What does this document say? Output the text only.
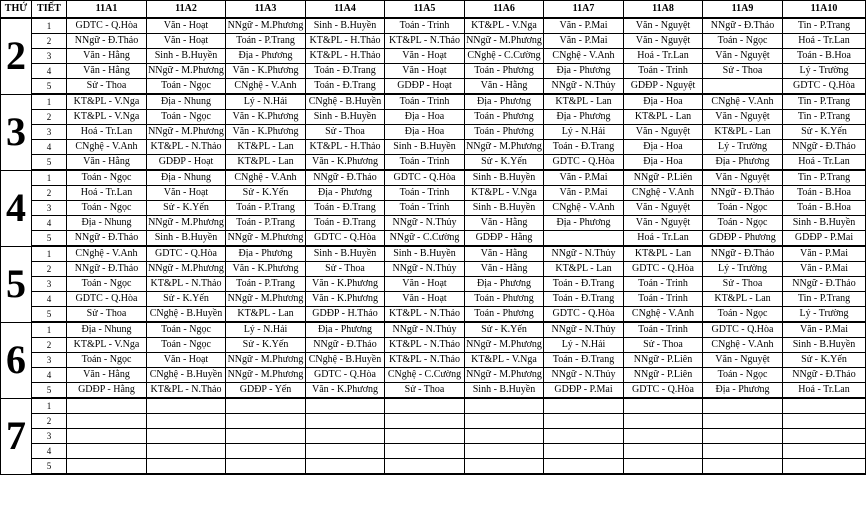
THỨ	TIẾT	11A1	11A2	11A3	11A4	11A5	11A6	11A7	11A8	11A9	11A10
2	1	GDTC - Q.Hòa	Văn - Hoạt	NNgữ - M.Phương	Sinh - B.Huyền	Toán - Trinh	KT&PL - V.Nga	Văn - P.Mai	Văn - Nguyệt	NNgữ - Đ.Thảo	Tin - P.Trang
	2	NNgữ - Đ.Thảo	Văn - Hoạt	Toán - P.Trang	KT&PL - H.Thảo	KT&PL - N.Thảo	NNgữ - M.Phương	Văn - P.Mai	Văn - Nguyệt	Toán - Ngọc	Hoá - Tr.Lan
	3	Văn - Hằng	Sinh - B.Huyền	Địa - Phương	KT&PL - H.Thảo	Văn - Hoạt	CNghệ - C.Cường	CNghệ - V.Anh	Hoá - Tr.Lan	Văn - Nguyệt	Toán - B.Hoa
	4	Văn - Hằng	NNgữ - M.Phương	Văn - K.Phương	Toán - Đ.Trang	Văn - Hoạt	Toán - Phương	Địa - Phương	Toán - Trinh	Sử - Thoa	Lý - Trường
	5	Sử - Thoa	Toán - Ngọc	CNghệ - V.Anh	Toán - Đ.Trang	GDĐP - Hoạt	Văn - Hằng	NNgữ - N.Thủy	GDĐP - Nguyệt		GDTC - Q.Hòa
3	1	KT&PL - V.Nga	Địa - Nhung	Lý - N.Hải	CNghệ - B.Huyền	Toán - Trinh	Địa - Phương	KT&PL - Lan	Địa - Hoa	CNghệ - V.Anh	Tin - P.Trang
	2	KT&PL - V.Nga	Toán - Ngọc	Văn - K.Phương	Sinh - B.Huyền	Địa - Hoa	Toán - Phương	Địa - Phương	KT&PL - Lan	Văn - Nguyệt	Tin - P.Trang
	3	Hoá - Tr.Lan	NNgữ - M.Phương	Văn - K.Phương	Sử - Thoa	Địa - Hoa	Toán - Phương	Lý - N.Hải	Văn - Nguyệt	KT&PL - Lan	Sử - K.Yến
	4	CNghệ - V.Anh	KT&PL - N.Thảo	KT&PL - Lan	KT&PL - H.Thảo	Sinh - B.Huyền	NNgữ - M.Phương	Toán - Đ.Trang	Địa - Hoa	Lý - Trường	NNgữ - Đ.Thảo
	5	Văn - Hằng	GDĐP - Hoạt	KT&PL - Lan	Văn - K.Phương	Toán - Trinh	Sử - K.Yến	GDTC - Q.Hòa	Địa - Hoa	Địa - Phương	Hoá - Tr.Lan
4	1	Toán - Ngọc	Địa - Nhung	CNghệ - V.Anh	NNgữ - Đ.Thảo	GDTC - Q.Hòa	Sinh - B.Huyền	Văn - P.Mai	NNgữ - P.Liên	Văn - Nguyệt	Tin - P.Trang
	2	Hoá - Tr.Lan	Văn - Hoạt	Sử - K.Yến	Địa - Phương	Toán - Trinh	KT&PL - V.Nga	Văn - P.Mai	CNghệ - V.Anh	NNgữ - Đ.Thảo	Toán - B.Hoa
	3	Toán - Ngọc	Sử - K.Yến	Toán - P.Trang	Toán - Đ.Trang	Toán - Trinh	Sinh - B.Huyền	CNghệ - V.Anh	Văn - Nguyệt	Toán - Ngọc	Toán - B.Hoa
	4	Địa - Nhung	NNgữ - M.Phương	Toán - P.Trang	Toán - Đ.Trang	NNgữ - N.Thủy	Văn - Hằng	Địa - Phương	Văn - Nguyệt	Toán - Ngọc	Sinh - B.Huyền
	5	NNgữ - Đ.Thảo	Sinh - B.Huyền	NNgữ - M.Phương	GDTC - Q.Hòa	NNgữ - C.Cường	GDĐP - Hằng		Hoá - Tr.Lan	GDĐP - Phương	GDĐP - P.Mai
5	1	CNghệ - V.Anh	GDTC - Q.Hòa	Địa - Phương	Sinh - B.Huyền	Sinh - B.Huyền	Văn - Hằng	NNgữ - N.Thủy	KT&PL - Lan	NNgữ - Đ.Thảo	Văn - P.Mai
	2	NNgữ - Đ.Thảo	NNgữ - M.Phương	Văn - K.Phương	Sử - Thoa	NNgữ - N.Thủy	Văn - Hằng	KT&PL - Lan	GDTC - Q.Hòa	Lý - Trường	Văn - P.Mai
	3	Toán - Ngọc	KT&PL - N.Thảo	Toán - P.Trang	Văn - K.Phương	Văn - Hoạt	Địa - Phương	Toán - Đ.Trang	Toán - Trinh	Sử - Thoa	NNgữ - Đ.Thảo
	4	GDTC - Q.Hòa	Sử - K.Yến	NNgữ - M.Phương	Văn - K.Phương	Văn - Hoạt	Toán - Phương	Toán - Đ.Trang	Toán - Trinh	KT&PL - Lan	Tin - P.Trang
	5	Sử - Thoa	CNghệ - B.Huyền	KT&PL - Lan	GDĐP - H.Thảo	KT&PL - N.Thảo	Toán - Phương	GDTC - Q.Hòa	CNghệ - V.Anh	Toán - Ngọc	Lý - Trường
6	1	Địa - Nhung	Toán - Ngọc	Lý - N.Hải	Địa - Phương	NNgữ - N.Thủy	Sử - K.Yến	NNgữ - N.Thủy	Toán - Trinh	GDTC - Q.Hòa	Văn - P.Mai
	2	KT&PL - V.Nga	Toán - Ngọc	Sử - K.Yến	NNgữ - Đ.Thảo	KT&PL - N.Thảo	NNgữ - M.Phương	Lý - N.Hải	Sử - Thoa	CNghệ - V.Anh	Sinh - B.Huyền
	3	Toán - Ngọc	Văn - Hoạt	NNgữ - M.Phương	CNghệ - B.Huyền	KT&PL - N.Thảo	KT&PL - V.Nga	Toán - Đ.Trang	NNgữ - P.Liên	Văn - Nguyệt	Sử - K.Yến
	4	Văn - Hằng	CNghệ - B.Huyền	NNgữ - M.Phương	GDTC - Q.Hòa	CNghệ - C.Cường	NNgữ - M.Phương	NNgữ - N.Thủy	NNgữ - P.Liên	Toán - Ngọc	NNgữ - Đ.Thảo
	5	GDĐP - Hằng	KT&PL - N.Thảo	GDĐP - Yến	Văn - K.Phương	Sử - Thoa	Sinh - B.Huyền	GDĐP - P.Mai	GDTC - Q.Hòa	Địa - Phương	Hoá - Tr.Lan
7	1										
	2										
	3										
	4										
	5										
